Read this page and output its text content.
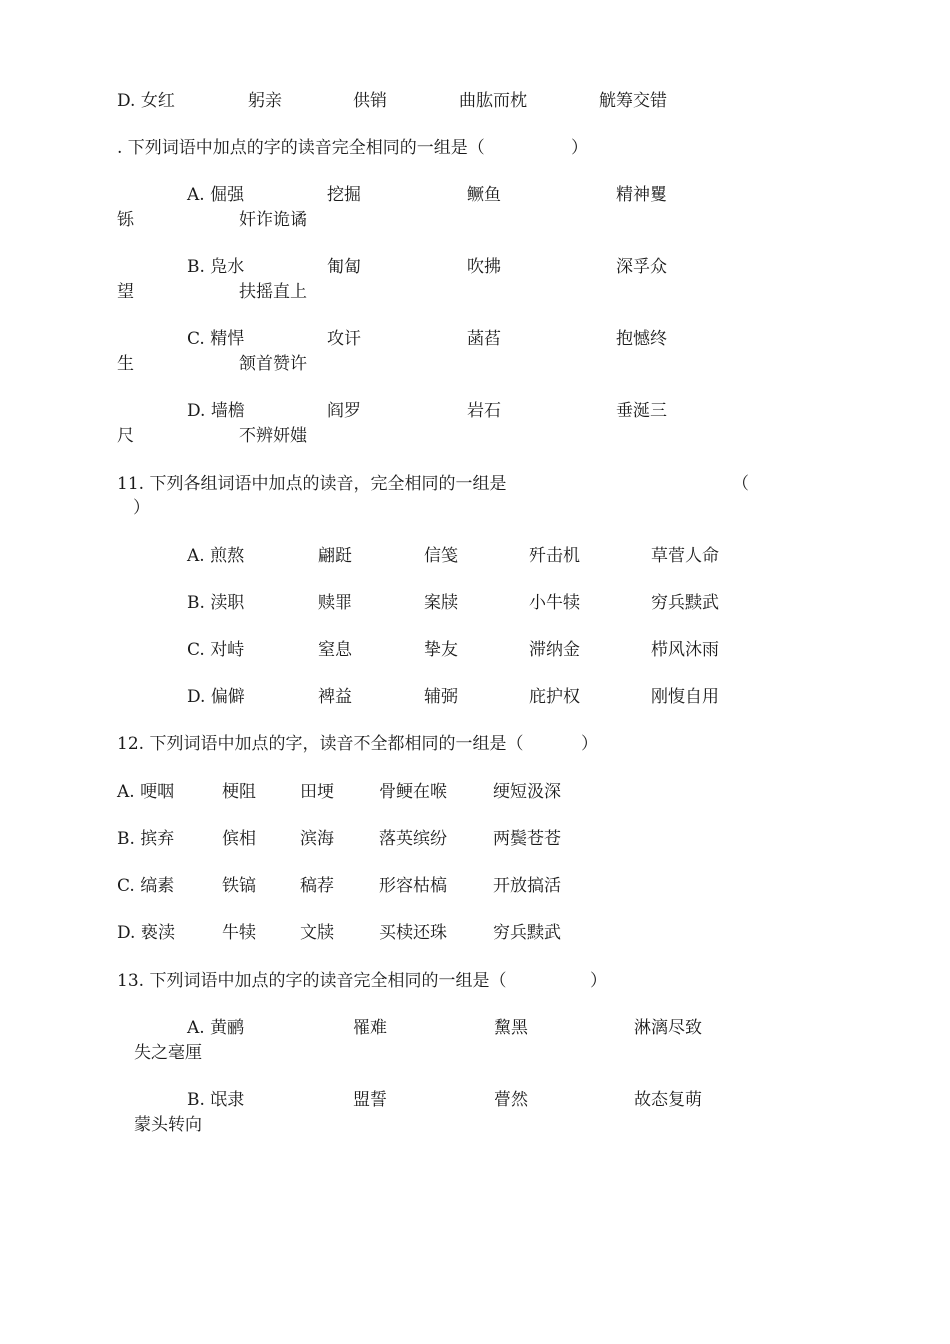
D. 女红	躬亲	供销	曲肱而枕	觥筹交错
. 下列词语中加点的字的读音完全相同的一组是（	）
A. 倔强	挖掘	鳜鱼	精神矍
铄	奸诈诡谲
B. 凫水	匍匐	吹拂	深孚众
望	扶摇直上
C. 精悍	攻讦	菡萏	抱憾终
生	颔首赞许
D. 墙檐	阎罗	岩石	垂涎三
尺	不辨妍媸
11. 下列各组词语中加点的读音，完全相同的一组是	（
）
A. 煎熬	翩跹	信笺	歼击机	草菅人命
B. 渎职	赎罪	案牍	小牛犊	穷兵黩武
C. 对峙	窒息	挚友	滞纳金	栉风沐雨
D. 偏僻	裨益	辅弼	庇护权	刚愎自用
12. 下列词语中加点的字，读音不全都相同的一组是（	）
A. 哽咽	梗阻	田埂	骨鲠在喉	绠短汲深
B. 摈弃	傧相	滨海	落英缤纷	两鬓苍苍
C. 缟素	铁镐	稿荐	形容枯槁	开放搞活
D. 亵渎	牛犊	文牍	买椟还珠	穷兵黩武
13. 下列词语中加点的字的读音完全相同的一组是（	）
A. 黄鹂	罹难	黧黑	淋漓尽致
失之毫厘
B. 氓隶	盟誓	瞢然	故态复萌
蒙头转向
